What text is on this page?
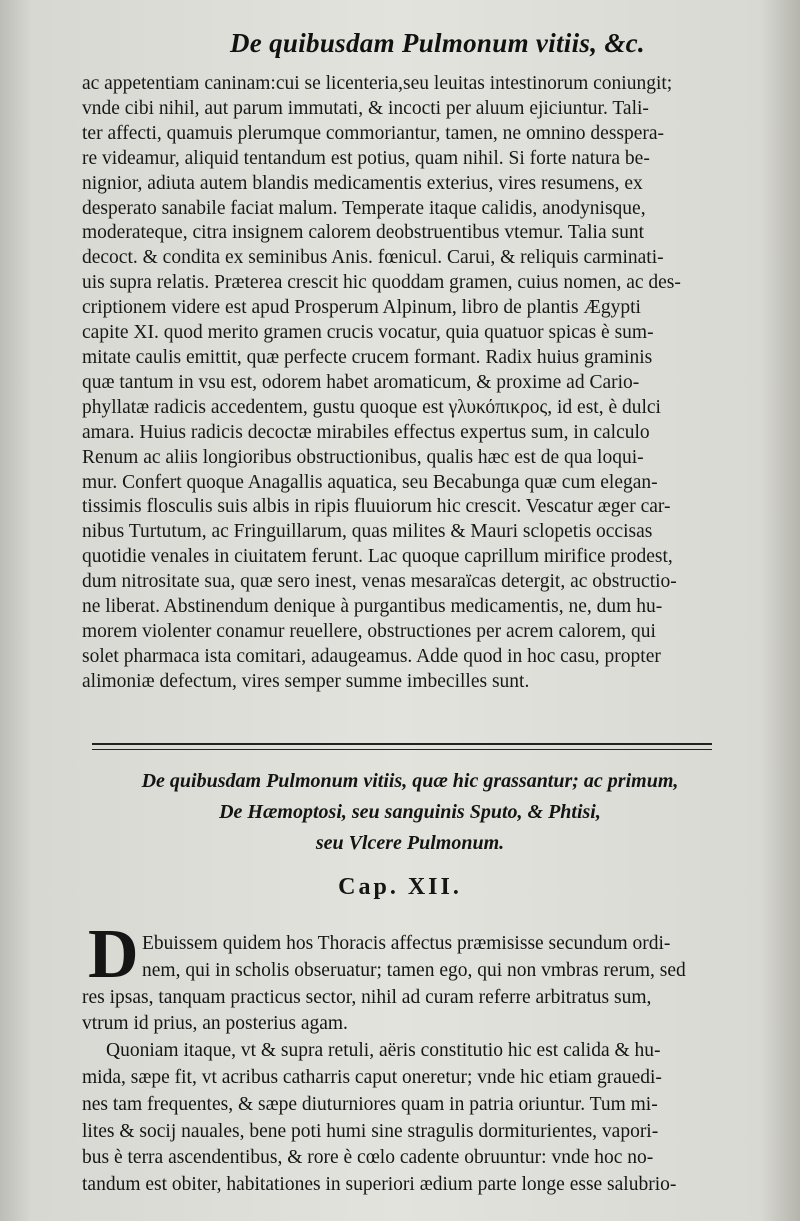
De quibusdam Pulmonum vitiis, &c.
ac appetentiam caninam:cui se licenteria,seu leuitas intestinorum coniungit;
vnde cibi nihil, aut parum immutati, & incocti per aluum ejiciuntur. Tali-
ter affecti, quamuis plerumque commoriantur, tamen, ne omnino desspera-
re videamur, aliquid tentandum est potius, quam nihil. Si forte natura be-
nignior, adiuta autem blandis medicamentis exterius, vires resumens, ex
desperato sanabile faciat malum. Temperate itaque calidis, anodynisque,
moderateque, citra insignem calorem deobstruentibus vtemur. Talia sunt
decoct. & condita ex seminibus Anis. fœnicul. Carui, & reliquis carminati-
uis supra relatis. Præterea crescit hic quoddam gramen, cuius nomen, ac des-
criptionem videre est apud Prosperum Alpinum, libro de plantis Ægypti
capite XI. quod merito gramen crucis vocatur, quia quatuor spicas è sum-
mitate caulis emittit, quæ perfecte crucem formant. Radix huius graminis
quæ tantum in vsu est, odorem habet aromaticum, & proxime ad Cario-
phyllatæ radicis accedentem, gustu quoque est γλυκόπικρος, id est, è dulci
amara. Huius radicis decoctæ mirabiles effectus expertus sum, in calculo
Renum ac aliis longioribus obstructionibus, qualis hæc est de qua loqui-
mur. Confert quoque Anagallis aquatica, seu Becabunga quæ cum elegan-
tissimis flosculis suis albis in ripis fluuiorum hic crescit. Vescatur æger car-
nibus Turtutum, ac Fringuillarum, quas milites & Mauri sclopetis occisas
quotidie venales in ciuitatem ferunt. Lac quoque caprillum mirifice prodest,
dum nitrositate sua, quæ sero inest, venas mesaraïcas detergit, ac obstructio-
ne liberat. Abstinendum denique à purgantibus medicamentis, ne, dum hu-
morem violenter conamur reuellere, obstructiones per acrem calorem, qui
solet pharmaca ista comitari, adaugeamus. Adde quod in hoc casu, propter
alimoniæ defectum, vires semper summe imbecilles sunt.
De quibusdam Pulmonum vitiis, quæ hic grassantur; ac primum,
De Hæmoptosi, seu sanguinis Sputo, & Phtisi,
seu Vlcere Pulmonum.
Cap. XII.
D Ebuissem quidem hos Thoracis affectus præmisisse secundum ordi-
nem, qui in scholis obseruatur; tamen ego, qui non vmbras rerum, sed
res ipsas, tanquam practicus sector, nihil ad curam referre arbitratus sum,
vtrum id prius, an posterius agam.
Quoniam itaque, vt & supra retuli, aëris constitutio hic est calida & hu-
mida, sæpe fit, vt acribus catharris caput oneretur; vnde hic etiam grauedi-
nes tam frequentes, & sæpe diuturniores quam in patria oriuntur. Tum mi-
lites & socij nauales, bene poti humi sine stragulis dormiturientes, vapori-
bus è terra ascendentibus, & rore è cœlo cadente obruuntur: vnde hoc no-
tandum est obiter, habitationes in superiori ædium parte longe esse salubrio-
